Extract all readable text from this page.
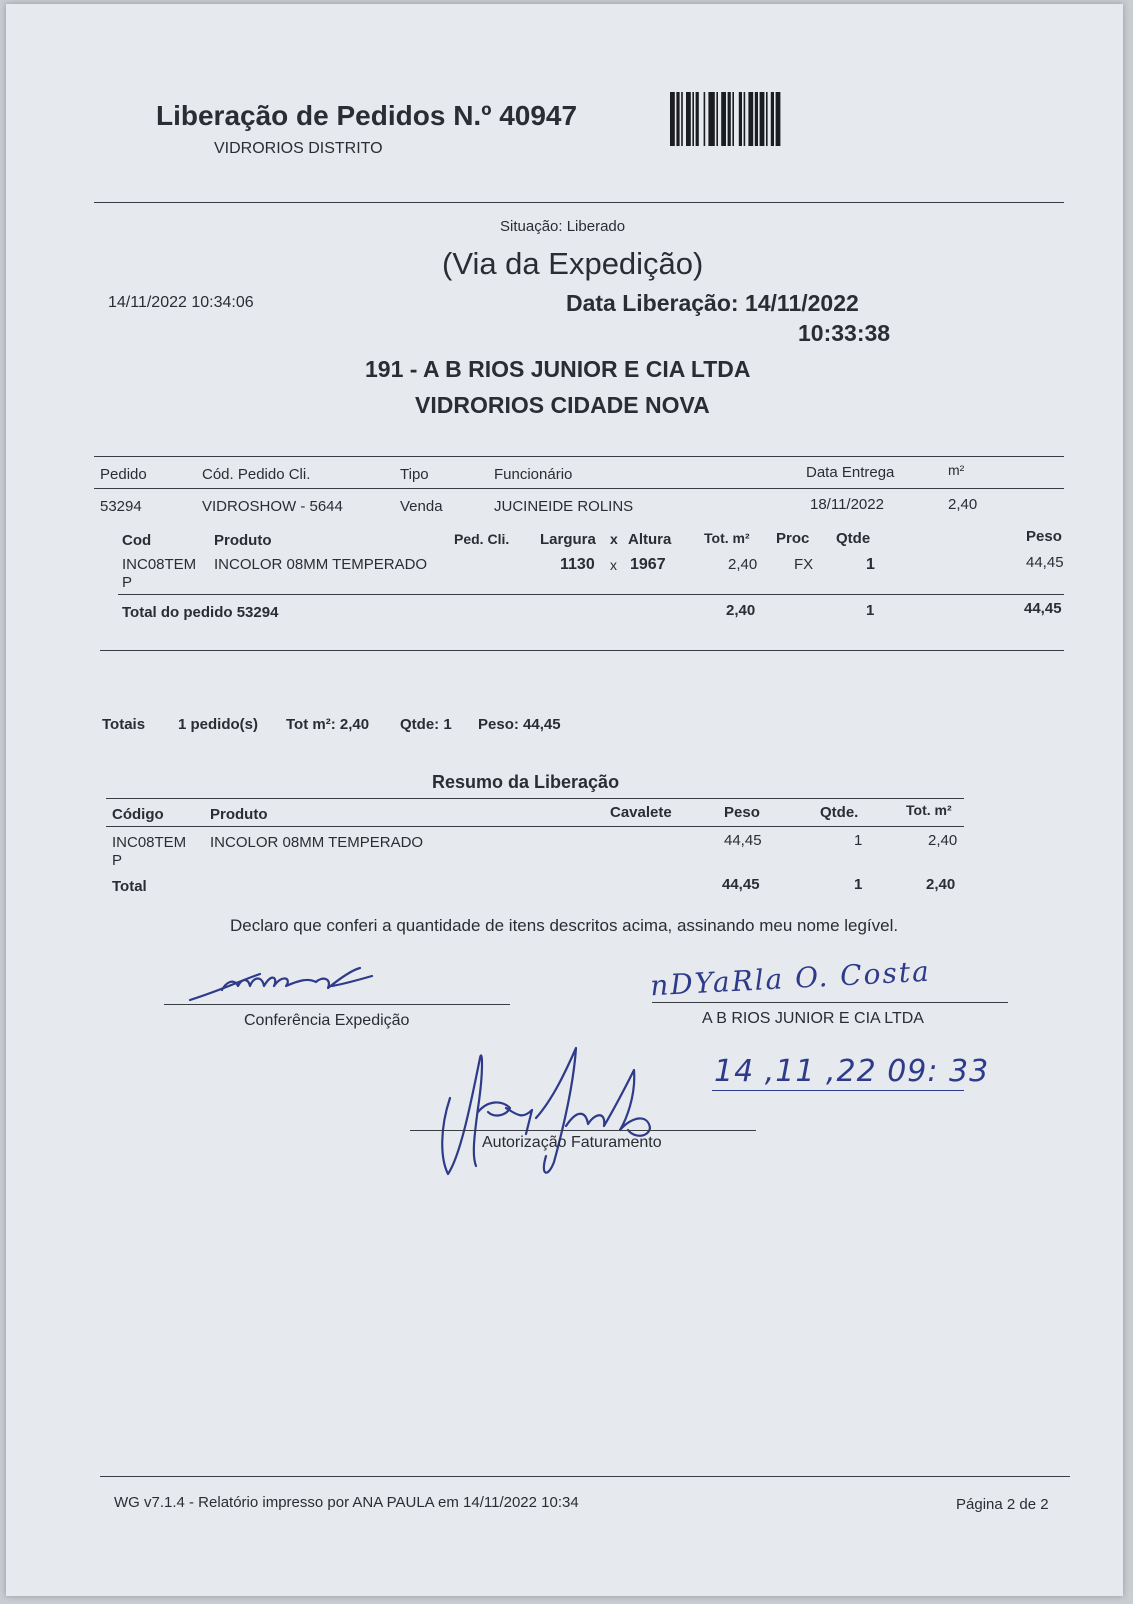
Liberação de Pedidos N.º 40947
VIDRORIOS DISTRITO
Situação: Liberado
(Via da Expedição)
14/11/2022 10:34:06	Data Liberação: 14/11/2022
10:33:38
191 - A B RIOS JUNIOR E CIA LTDA
VIDRORIOS CIDADE NOVA
Pedido	Cód. Pedido Cli.	Tipo	Funcionário	Data Entrega	m²
53294	VIDROSHOW - 5644	Venda	JUCINEIDE ROLINS	18/11/2022	2,40
Cod	Produto	Ped. Cli. Largura x Altura Tot. m² Proc Qtde	Peso
INC08TEM
P
INCOLOR 08MM TEMPERADO	1130 x 1967	2,40 FX	1	44,45
Total do pedido 53294	2,40	1	44,45
Totais 1 pedido(s) Tot m²: 2,40 Qtde: 1 Peso: 44,45
Resumo da Liberação
Código	Produto	Cavalete	Peso	Qtde.	Tot. m²
INC08TEM
P
INCOLOR 08MM TEMPERADO	44,45	1	2,40
Total	44,45	1	2,40
Declaro que conferi a quantidade de itens descritos acima, assinando meu nome legível.
Conferência Expedição
nDYaRla O. Costa
A B RIOS JUNIOR E CIA LTDA
14 ,11 ,22 09: 33
Autorização Faturamento
WG v7.1.4 - Relatório impresso por ANA PAULA em 14/11/2022 10:34	Página 2 de 2
